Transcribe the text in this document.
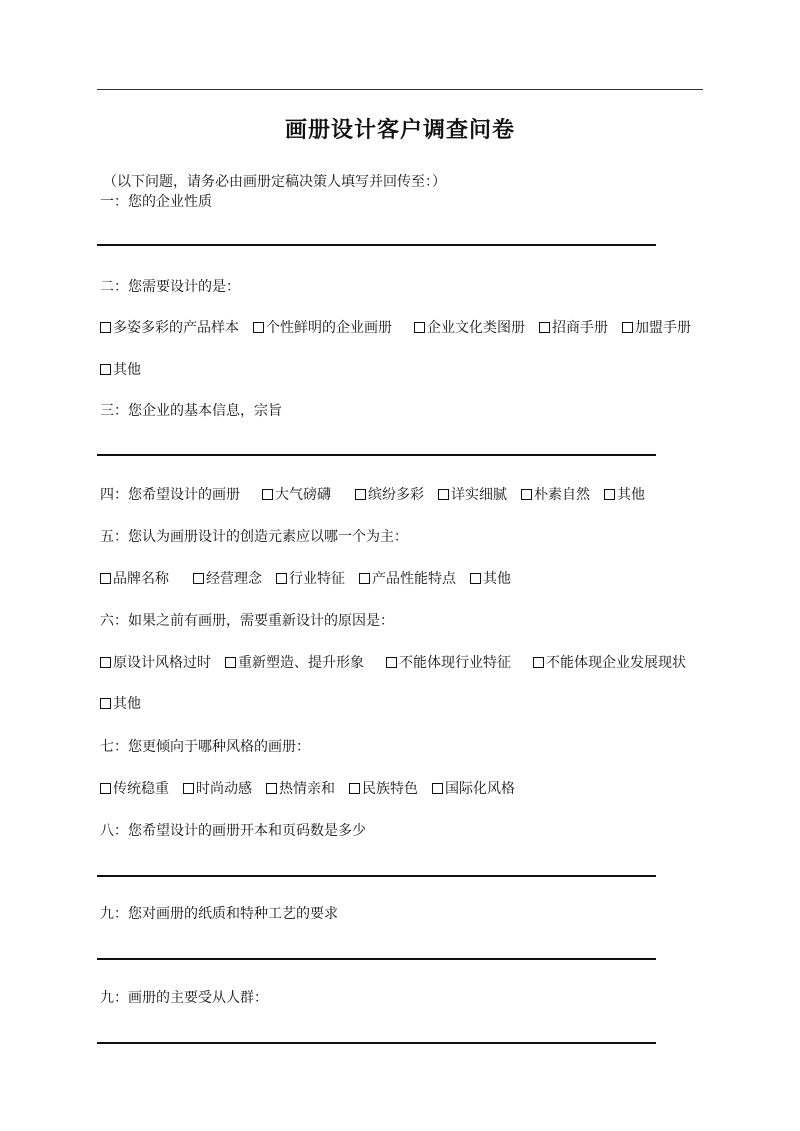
画册设计客户调查问卷
（以下问题，请务必由画册定稿决策人填写并回传至：）
一：您的企业性质
二：您需要设计的是：
多姿多彩的产品样本 个性鲜明的企业画册	企业文化类图册 招商手册 加盟手册
其他
三：您企业的基本信息，宗旨
四：您希望设计的画册	大气磅礴	缤纷多彩 详实细腻 朴素自然 其他
五：您认为画册设计的创造元素应以哪一个为主：
品牌名称	经营理念 行业特征 产品性能特点 其他
六：如果之前有画册，需要重新设计的原因是：
原设计风格过时 重新塑造、提升形象	不能体现行业特征	不能体现企业发展现状
其他
七：您更倾向于哪种风格的画册：
传统稳重 时尚动感 热情亲和 民族特色 国际化风格
八：您希望设计的画册开本和页码数是多少
九：您对画册的纸质和特种工艺的要求
九：画册的主要受从人群：
